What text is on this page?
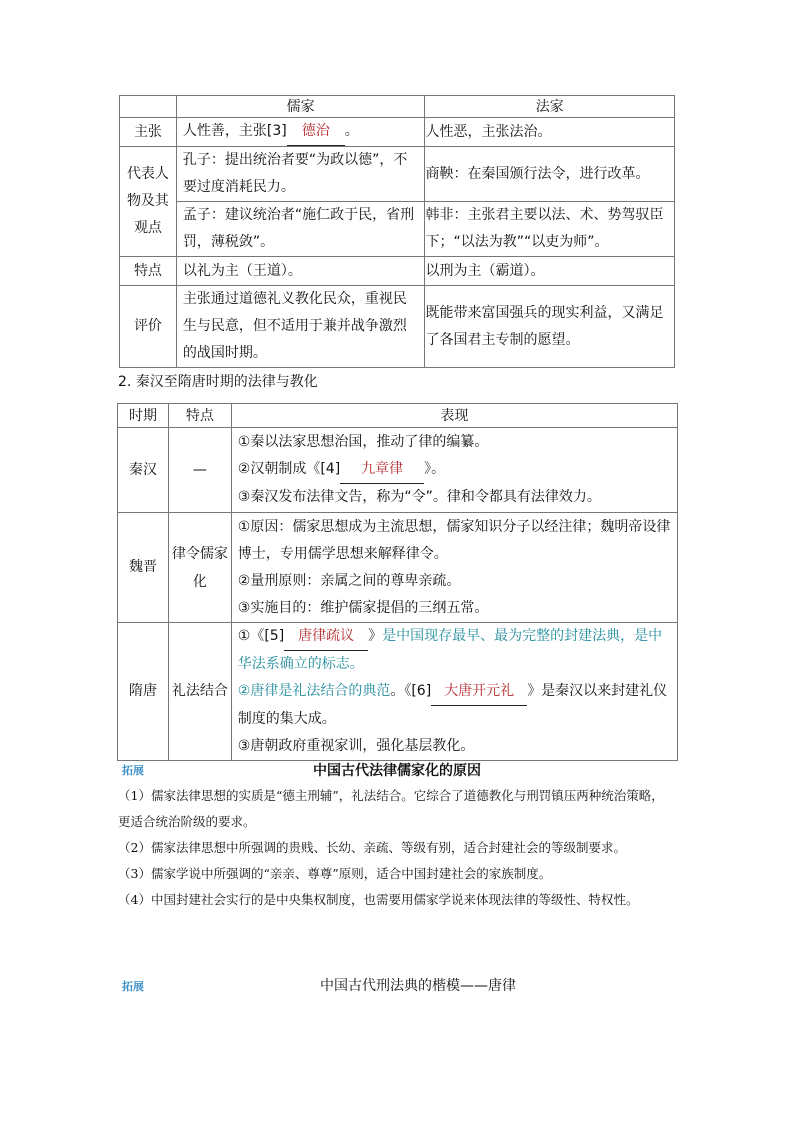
	儒家	法家
主张	人性善，主张[3] 德治 。	人性恶，主张法治。
代表人物及其观点	孔子：提出统治者要“为政以德”，不要过度消耗民力。	商鞅：在秦国颁行法令，进行改革。
	孟子：建议统治者“施仁政于民，省刑罚，薄税敛”。	韩非：主张君主要以法、术、势驾驭臣下；“以法为教”“以吏为师”。
特点	以礼为主（王道）。	以刑为主（霸道）。
评价	主张通过道德礼义教化民众，重视民生与民意，但不适用于兼并战争激烈的战国时期。	既能带来富国强兵的现实利益，又满足了各国君主专制的愿望。
2. 秦汉至隋唐时期的法律与教化
时期	特点	表现
秦汉	—	①秦以法家思想治国，推动了律的编纂。
②汉朝制成《[4] 九章律 》。
③秦汉发布法律文告，称为“令”。律和令都具有法律效力。

魏晋	律令儒家化	①原因：儒家思想成为主流思想，儒家知识分子以经注律；魏明帝设律博士，专用儒学思想来解释律令。
②量刑原则：亲属之间的尊卑亲疏。
③实施目的：维护儒家提倡的三纲五常。

隋唐	礼法结合	①《[5] 唐律疏议 》是中国现存最早、最为完整的封建法典，是中华法系确立的标志。
②唐律是礼法结合的典范。《[6] 大唐开元礼 》是秦汉以来封建礼仪制度的集大成。
③唐朝政府重视家训，强化基层教化。
拓展	中国古代法律儒家化的原因

（1）儒家法律思想的实质是“德主刑辅”，礼法结合。它综合了道德教化与刑罚镇压两种统治策略，更适合统治阶级的要求。

（2）儒家法律思想中所强调的贵贱、长幼、亲疏、等级有别，适合封建社会的等级制要求。

（3）儒家学说中所强调的“亲亲、尊尊”原则，适合中国封建社会的家族制度。

（4）中国封建社会实行的是中央集权制度，也需要用儒家学说来体现法律的等级性、特权性。

拓展	中国古代刑法典的楷模——唐律
